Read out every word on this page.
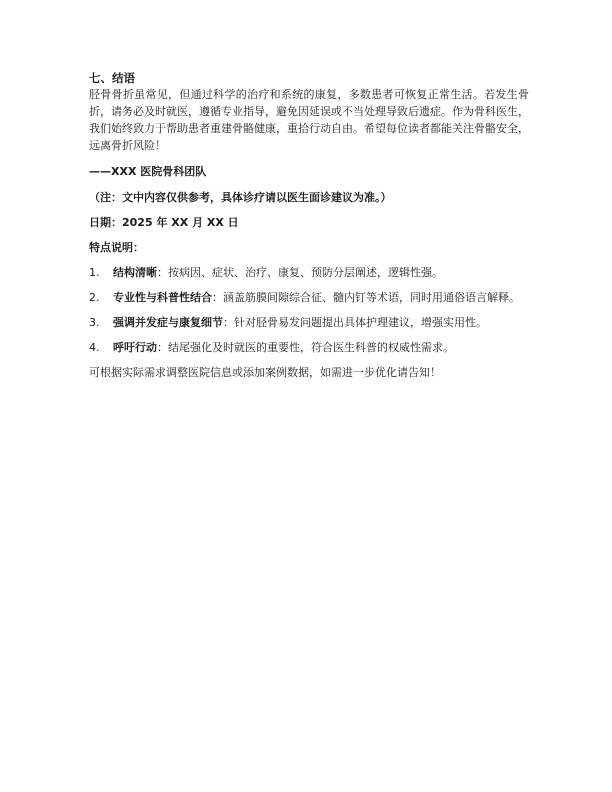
七、结语

胫骨骨折虽常见，但通过科学的治疗和系统的康复，多数患者可恢复正常生活。若发生骨折，请务必及时就医，遵循专业指导，避免因延误或不当处理导致后遗症。作为骨科医生，我们始终致力于帮助患者重建骨骼健康，重拾行动自由。希望每位读者都能关注骨骼安全，远离骨折风险！

——XXX 医院骨科团队

（注：文中内容仅供参考，具体诊疗请以医生面诊建议为准。）

日期：2025 年 XX 月 XX 日

特点说明：

1. 结构清晰：按病因、症状、治疗、康复、预防分层阐述，逻辑性强。
2. 专业性与科普性结合：涵盖筋膜间隙综合征、髓内钉等术语，同时用通俗语言解释。
3. 强调并发症与康复细节：针对胫骨易发问题提出具体护理建议，增强实用性。
4. 呼吁行动：结尾强化及时就医的重要性，符合医生科普的权威性需求。

可根据实际需求调整医院信息或添加案例数据，如需进一步优化请告知！
